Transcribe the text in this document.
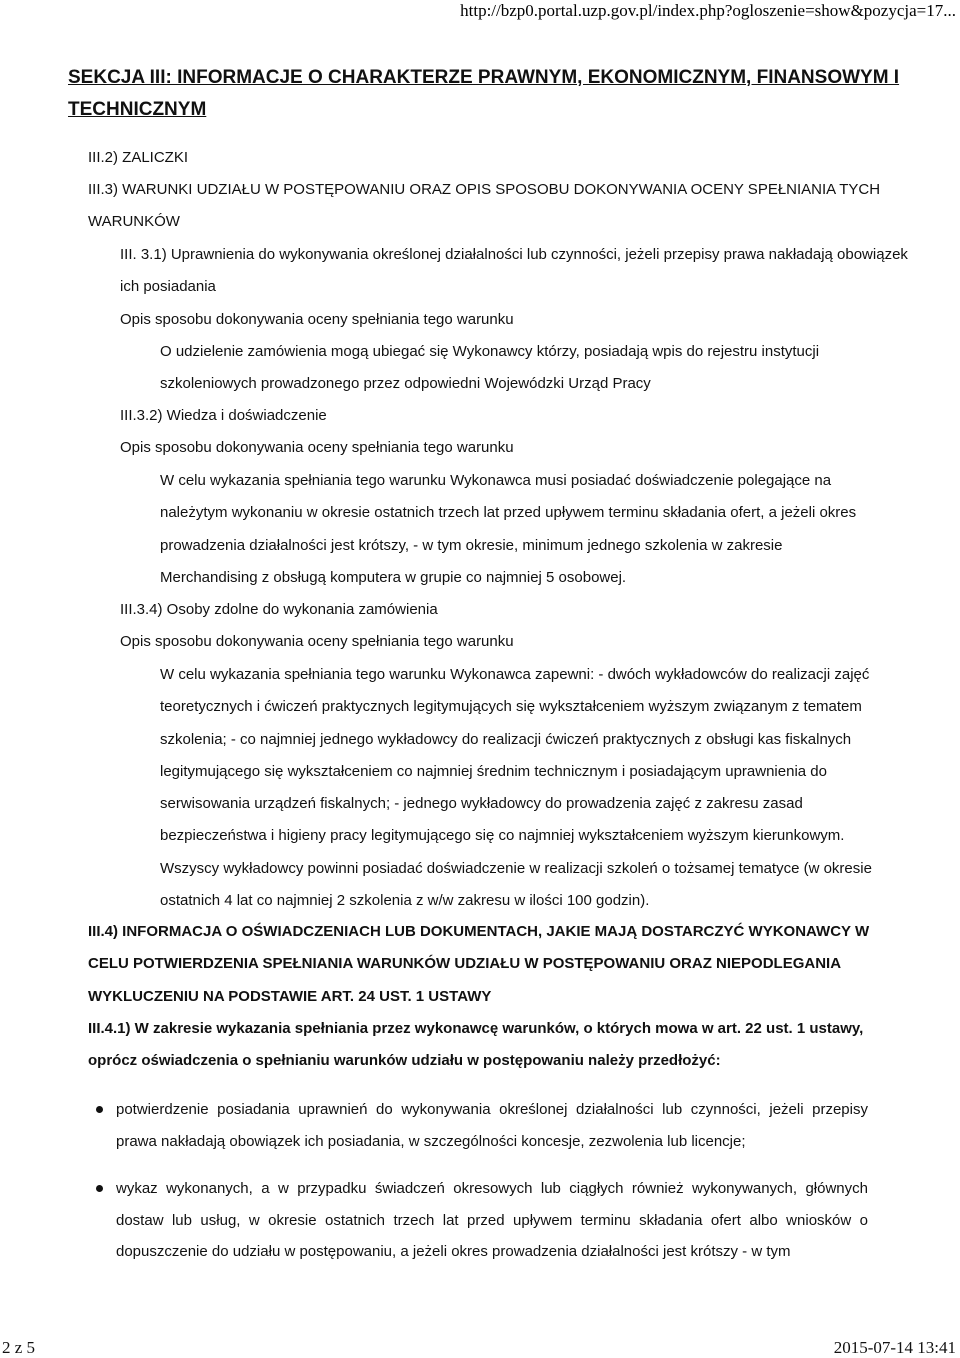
http://bzp0.portal.uzp.gov.pl/index.php?ogloszenie=show&pozycja=17...
SEKCJA III: INFORMACJE O CHARAKTERZE PRAWNYM, EKONOMICZNYM, FINANSOWYM I TECHNICZNYM

III.2) ZALICZKI

III.3) WARUNKI UDZIAŁU W POSTĘPOWANIU ORAZ OPIS SPOSOBU DOKONYWANIA OCENY SPEŁNIANIA TYCH WARUNKÓW

III. 3.1) Uprawnienia do wykonywania określonej działalności lub czynności, jeżeli przepisy prawa nakładają obowiązek ich posiadania

Opis sposobu dokonywania oceny spełniania tego warunku

O udzielenie zamówienia mogą ubiegać się Wykonawcy którzy, posiadają wpis do rejestru instytucji szkoleniowych prowadzonego przez odpowiedni Wojewódzki Urząd Pracy

III.3.2) Wiedza i doświadczenie

Opis sposobu dokonywania oceny spełniania tego warunku

W celu wykazania spełniania tego warunku Wykonawca musi posiadać doświadczenie polegające na należytym wykonaniu w okresie ostatnich trzech lat przed upływem terminu składania ofert, a jeżeli okres prowadzenia działalności jest krótszy, - w tym okresie, minimum jednego szkolenia w zakresie Merchandising z obsługą komputera w grupie co najmniej 5 osobowej.

III.3.4) Osoby zdolne do wykonania zamówienia

Opis sposobu dokonywania oceny spełniania tego warunku

W celu wykazania spełniania tego warunku Wykonawca zapewni: - dwóch wykładowców do realizacji zajęć teoretycznych i ćwiczeń praktycznych legitymujących się wykształceniem wyższym związanym z tematem szkolenia; - co najmniej jednego wykładowcy do realizacji ćwiczeń praktycznych z obsługi kas fiskalnych legitymującego się wykształceniem co najmniej średnim technicznym i posiadającym uprawnienia do serwisowania urządzeń fiskalnych; - jednego wykładowcy do prowadzenia zajęć z zakresu zasad bezpieczeństwa i higieny pracy legitymującego się co najmniej wykształceniem wyższym kierunkowym. Wszyscy wykładowcy powinni posiadać doświadczenie w realizacji szkoleń o tożsamej tematyce (w okresie ostatnich 4 lat co najmniej 2 szkolenia z w/w zakresu w ilości 100 godzin).

III.4) INFORMACJA O OŚWIADCZENIACH LUB DOKUMENTACH, JAKIE MAJĄ DOSTARCZYĆ WYKONAWCY W CELU POTWIERDZENIA SPEŁNIANIA WARUNKÓW UDZIAŁU W POSTĘPOWANIU ORAZ NIEPODLEGANIA WYKLUCZENIU NA PODSTAWIE ART. 24 UST. 1 USTAWY

III.4.1) W zakresie wykazania spełniania przez wykonawcę warunków, o których mowa w art. 22 ust. 1 ustawy, oprócz oświadczenia o spełnianiu warunków udziału w postępowaniu należy przedłożyć:

potwierdzenie posiadania uprawnień do wykonywania określonej działalności lub czynności, jeżeli przepisy prawa nakładają obowiązek ich posiadania, w szczególności koncesje, zezwolenia lub licencje;
wykaz wykonanych, a w przypadku świadczeń okresowych lub ciągłych również wykonywanych, głównych dostaw lub usług, w okresie ostatnich trzech lat przed upływem terminu składania ofert albo wniosków o dopuszczenie do udziału w postępowaniu, a jeżeli okres prowadzenia działalności jest krótszy - w tym
2 z 5	2015-07-14 13:41
